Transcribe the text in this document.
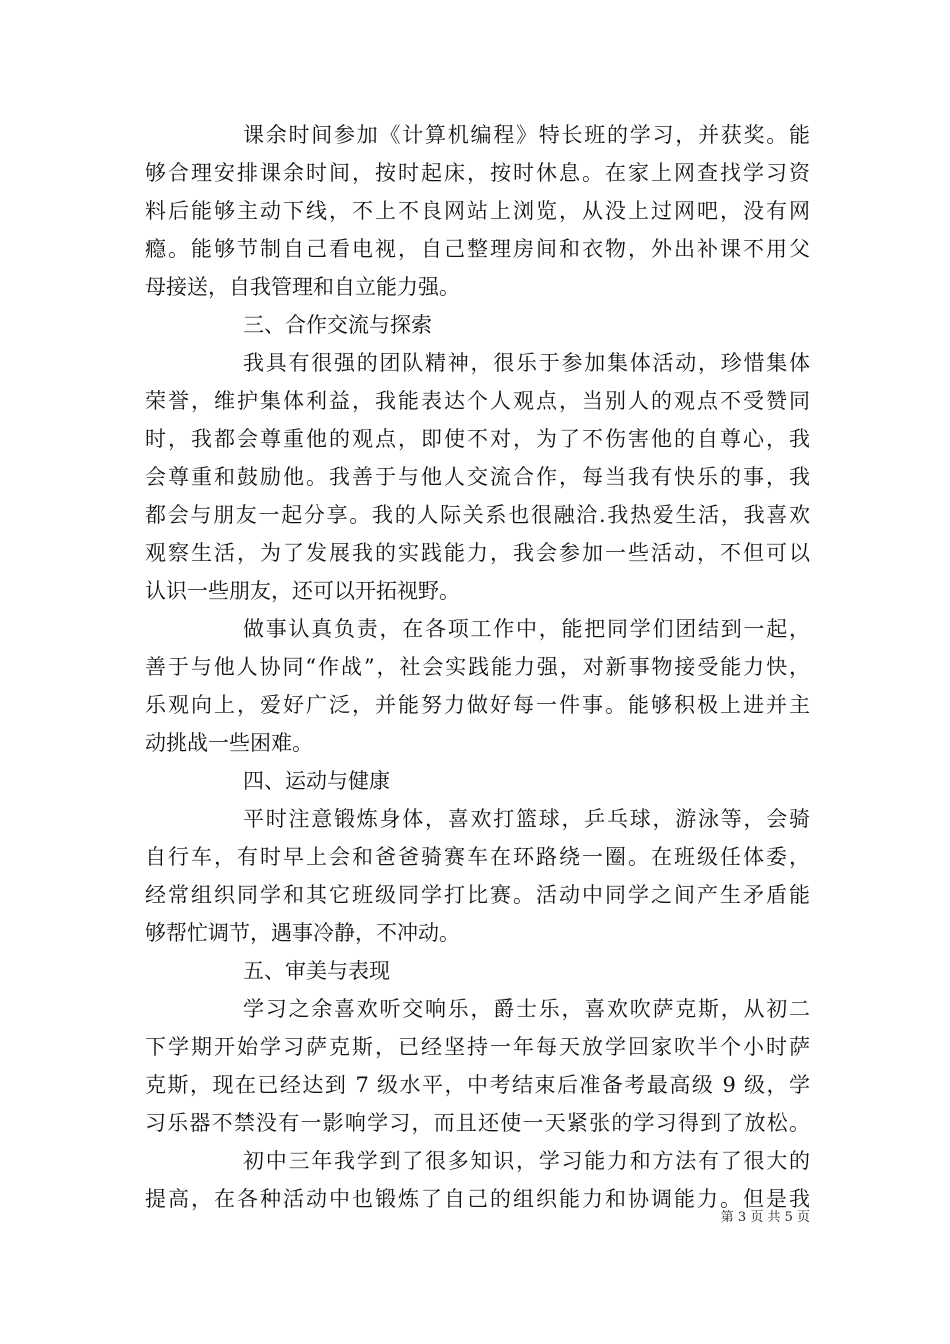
课余时间参加《计算机编程》特长班的学习，并获奖。能
够合理安排课余时间，按时起床，按时休息。在家上网查找学习资
料后能够主动下线，不上不良网站上浏览，从没上过网吧，没有网
瘾。能够节制自己看电视，自己整理房间和衣物，外出补课不用父
母接送，自我管理和自立能力强。
三、合作交流与探索
我具有很强的团队精神，很乐于参加集体活动，珍惜集体
荣誉，维护集体利益，我能表达个人观点，当别人的观点不受赞同
时，我都会尊重他的观点，即使不对，为了不伤害他的自尊心，我
会尊重和鼓励他。我善于与他人交流合作，每当我有快乐的事，我
都会与朋友一起分享。我的人际关系也很融洽.我热爱生活，我喜欢
观察生活，为了发展我的实践能力，我会参加一些活动，不但可以
认识一些朋友，还可以开拓视野。
做事认真负责，在各项工作中，能把同学们团结到一起，
善于与他人协同“作战”，社会实践能力强，对新事物接受能力快，
乐观向上，爱好广泛，并能努力做好每一件事。能够积极上进并主
动挑战一些困难。
四、运动与健康
平时注意锻炼身体，喜欢打篮球，乒乓球，游泳等，会骑
自行车，有时早上会和爸爸骑赛车在环路绕一圈。在班级任体委，
经常组织同学和其它班级同学打比赛。活动中同学之间产生矛盾能
够帮忙调节，遇事冷静，不冲动。
五、审美与表现
学习之余喜欢听交响乐，爵士乐，喜欢吹萨克斯，从初二
下学期开始学习萨克斯，已经坚持一年每天放学回家吹半个小时萨
克斯，现在已经达到 7 级水平，中考结束后准备考最高级 9 级，学
习乐器不禁没有一影响学习，而且还使一天紧张的学习得到了放松。
初中三年我学到了很多知识，学习能力和方法有了很大的
提高，在各种活动中也锻炼了自己的组织能力和协调能力。但是我
第 3 页 共 5 页
